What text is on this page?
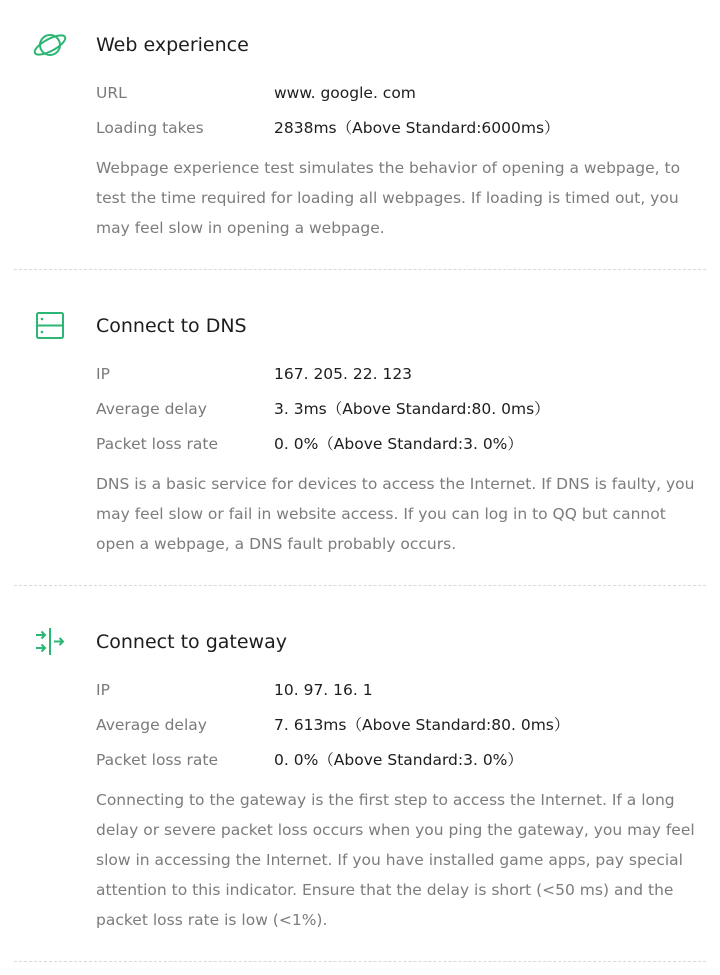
Web experience
URL	www. google. com
Loading takes	2838ms（Above Standard:6000ms）

Webpage experience test simulates the behavior of opening a webpage, to test the time required for loading all webpages. If loading is timed out, you may feel slow in opening a webpage.

Connect to DNS
IP	167. 205. 22. 123
Average delay	3. 3ms（Above Standard:80. 0ms）
Packet loss rate	0. 0%（Above Standard:3. 0%）

DNS is a basic service for devices to access the Internet. If DNS is faulty, you may feel slow or fail in website access. If you can log in to QQ but cannot open a webpage, a DNS fault probably occurs.

Connect to gateway
IP	10. 97. 16. 1
Average delay	7. 613ms（Above Standard:80. 0ms）
Packet loss rate	0. 0%（Above Standard:3. 0%）

Connecting to the gateway is the first step to access the Internet. If a long delay or severe packet loss occurs when you ping the gateway, you may feel slow in accessing the Internet. If you have installed game apps, pay special attention to this indicator. Ensure that the delay is short (<50 ms) and the packet loss rate is low (<1%).
